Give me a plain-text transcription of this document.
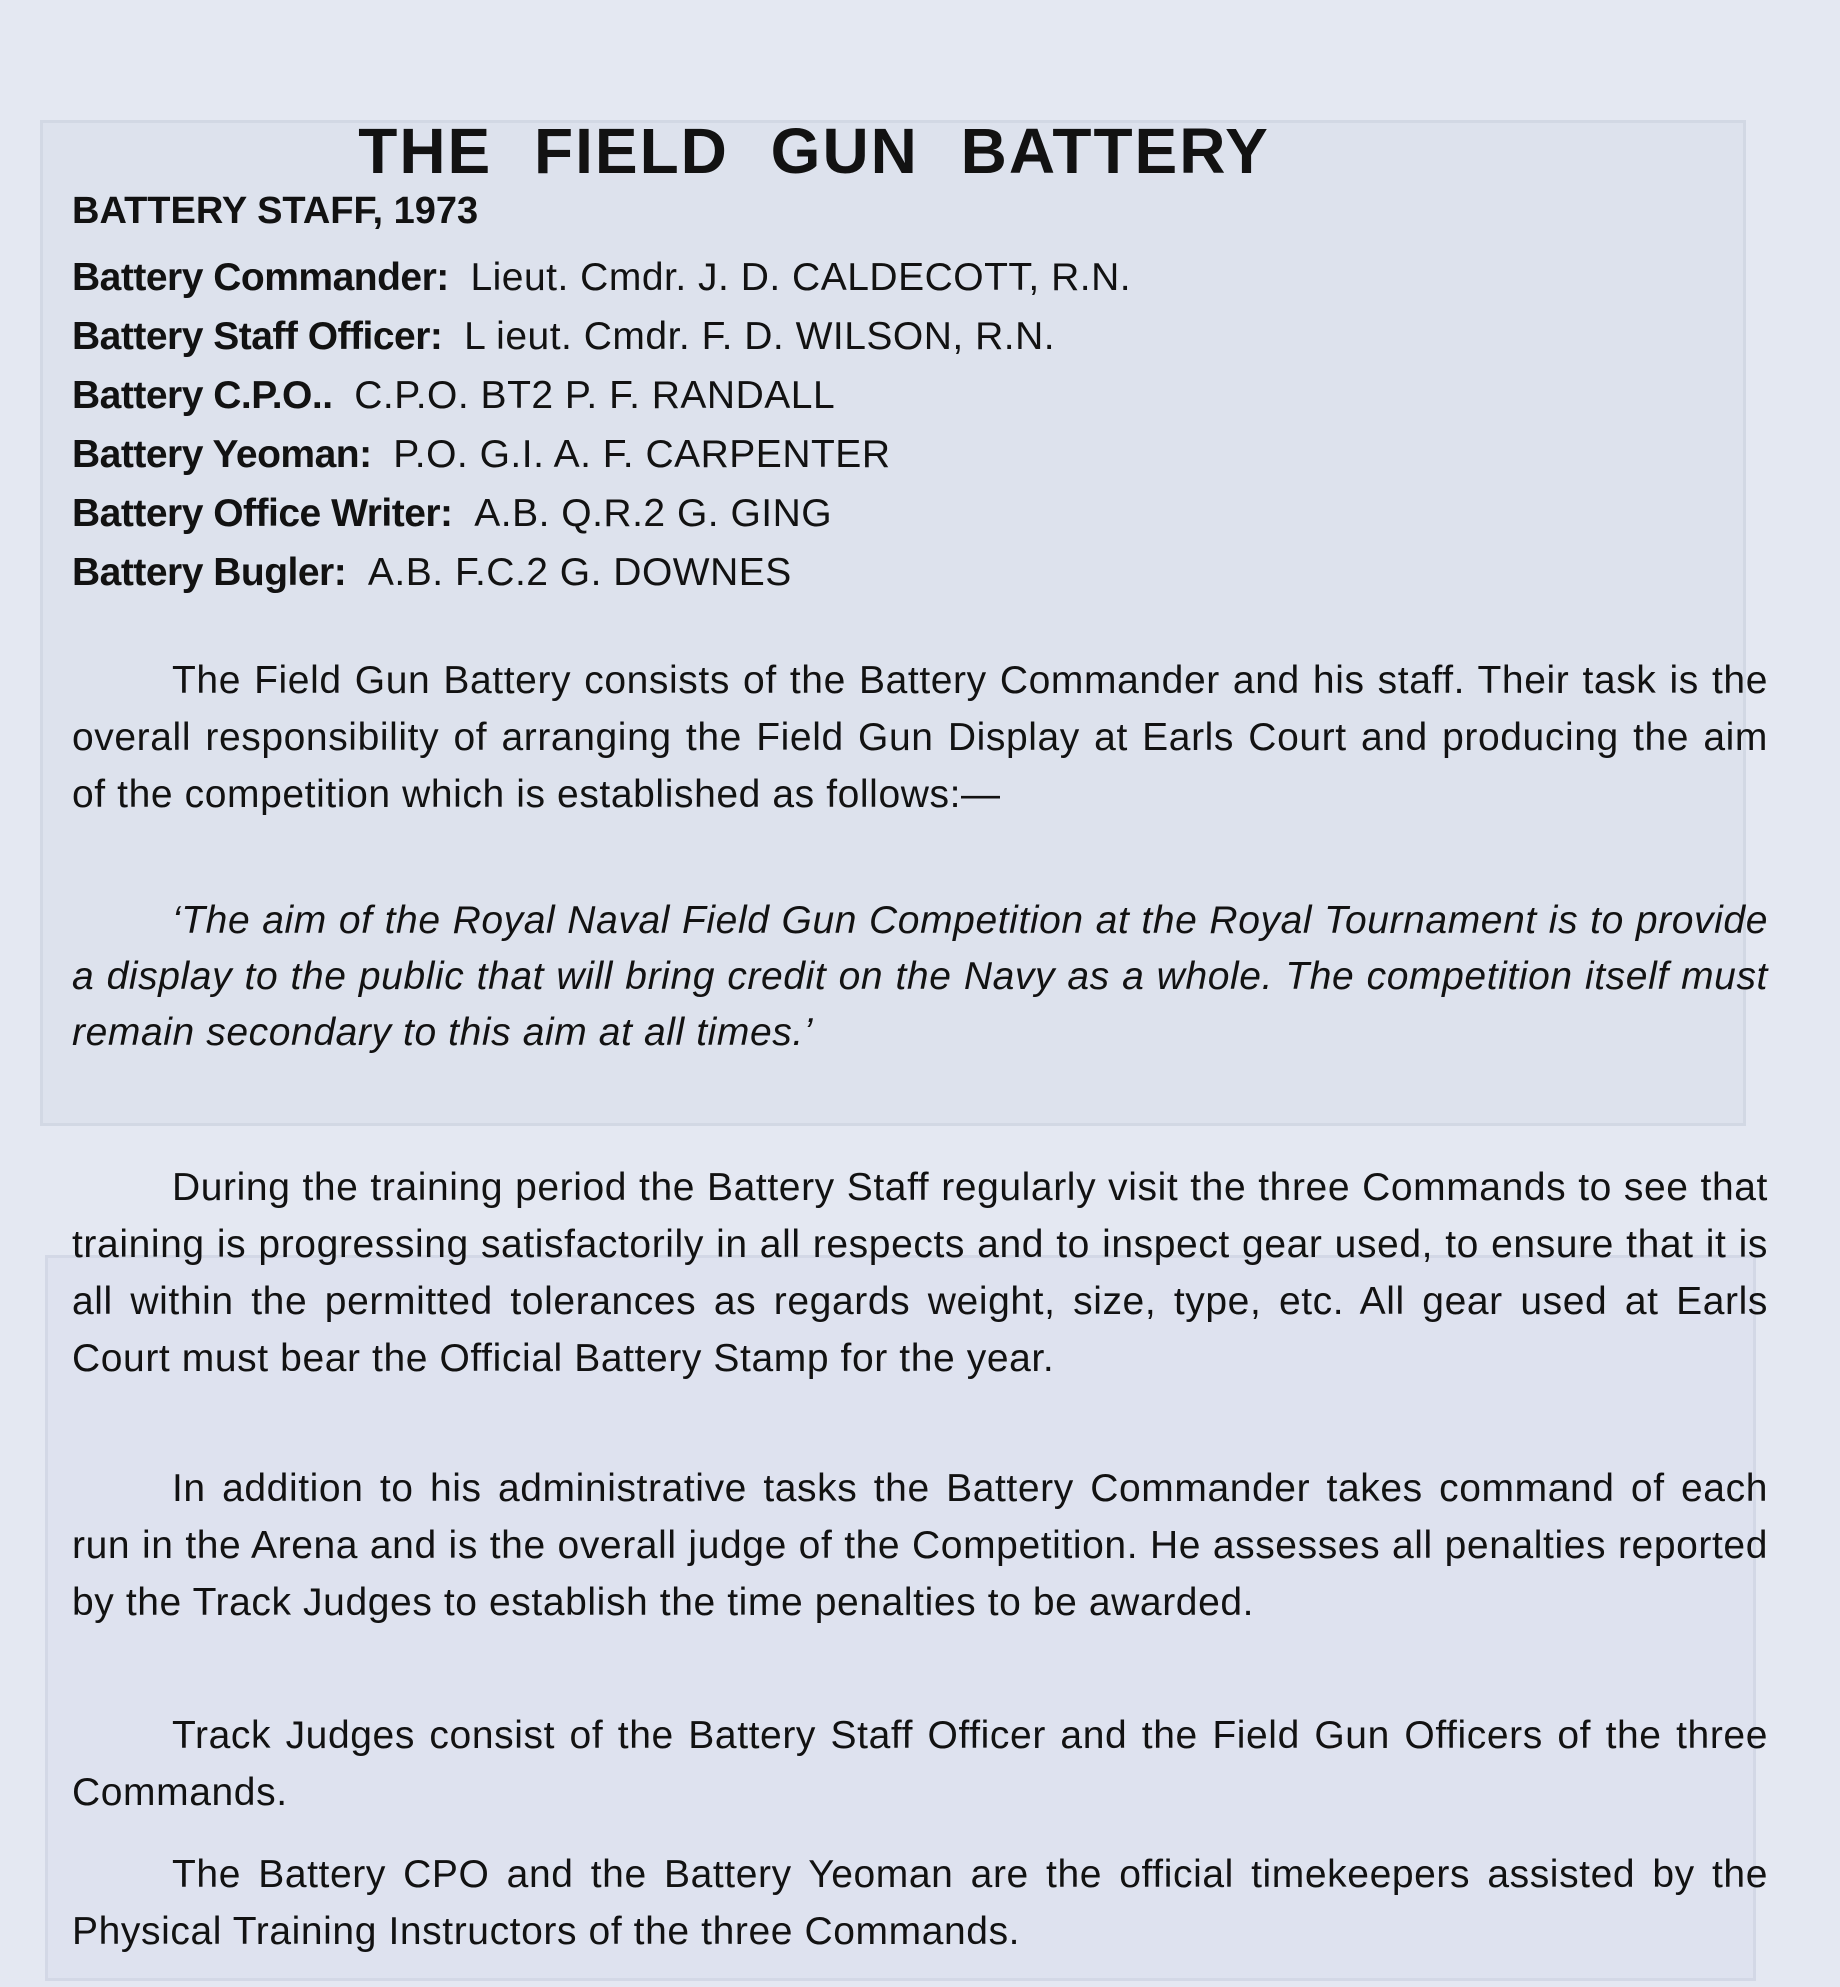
THE FIELD GUN BATTERY
BATTERY STAFF, 1973
Battery Commander: Lieut. Cmdr. J. D. CALDECOTT, R.N.
Battery Staff Officer: L ieut. Cmdr. F. D. WILSON, R.N.
Battery C.P.O.. C.P.O. BT2 P. F. RANDALL
Battery Yeoman: P.O. G.I. A. F. CARPENTER
Battery Office Writer: A.B. Q.R.2 G. GING
Battery Bugler: A.B. F.C.2 G. DOWNES

The Field Gun Battery consists of the Battery Commander and his staff. Their task is the overall responsibility of arranging the Field Gun Display at Earls Court and producing the aim of the competition which is established as follows:—

‘The aim of the Royal Naval Field Gun Competition at the Royal Tournament is to provide a display to the public that will bring credit on the Navy as a whole. The competition itself must remain secondary to this aim at all times.’

During the training period the Battery Staff regularly visit the three Commands to see that training is progressing satisfactorily in all respects and to inspect gear used, to ensure that it is all within the permitted tolerances as regards weight, size, type, etc. All gear used at Earls Court must bear the Official Battery Stamp for the year.

In addition to his administrative tasks the Battery Commander takes command of each run in the Arena and is the overall judge of the Competition. He assesses all penalties reported by the Track Judges to establish the time penalties to be awarded.

Track Judges consist of the Battery Staff Officer and the Field Gun Officers of the three Commands.

The Battery CPO and the Battery Yeoman are the official timekeepers assisted by the Physical Training Instructors of the three Commands.
